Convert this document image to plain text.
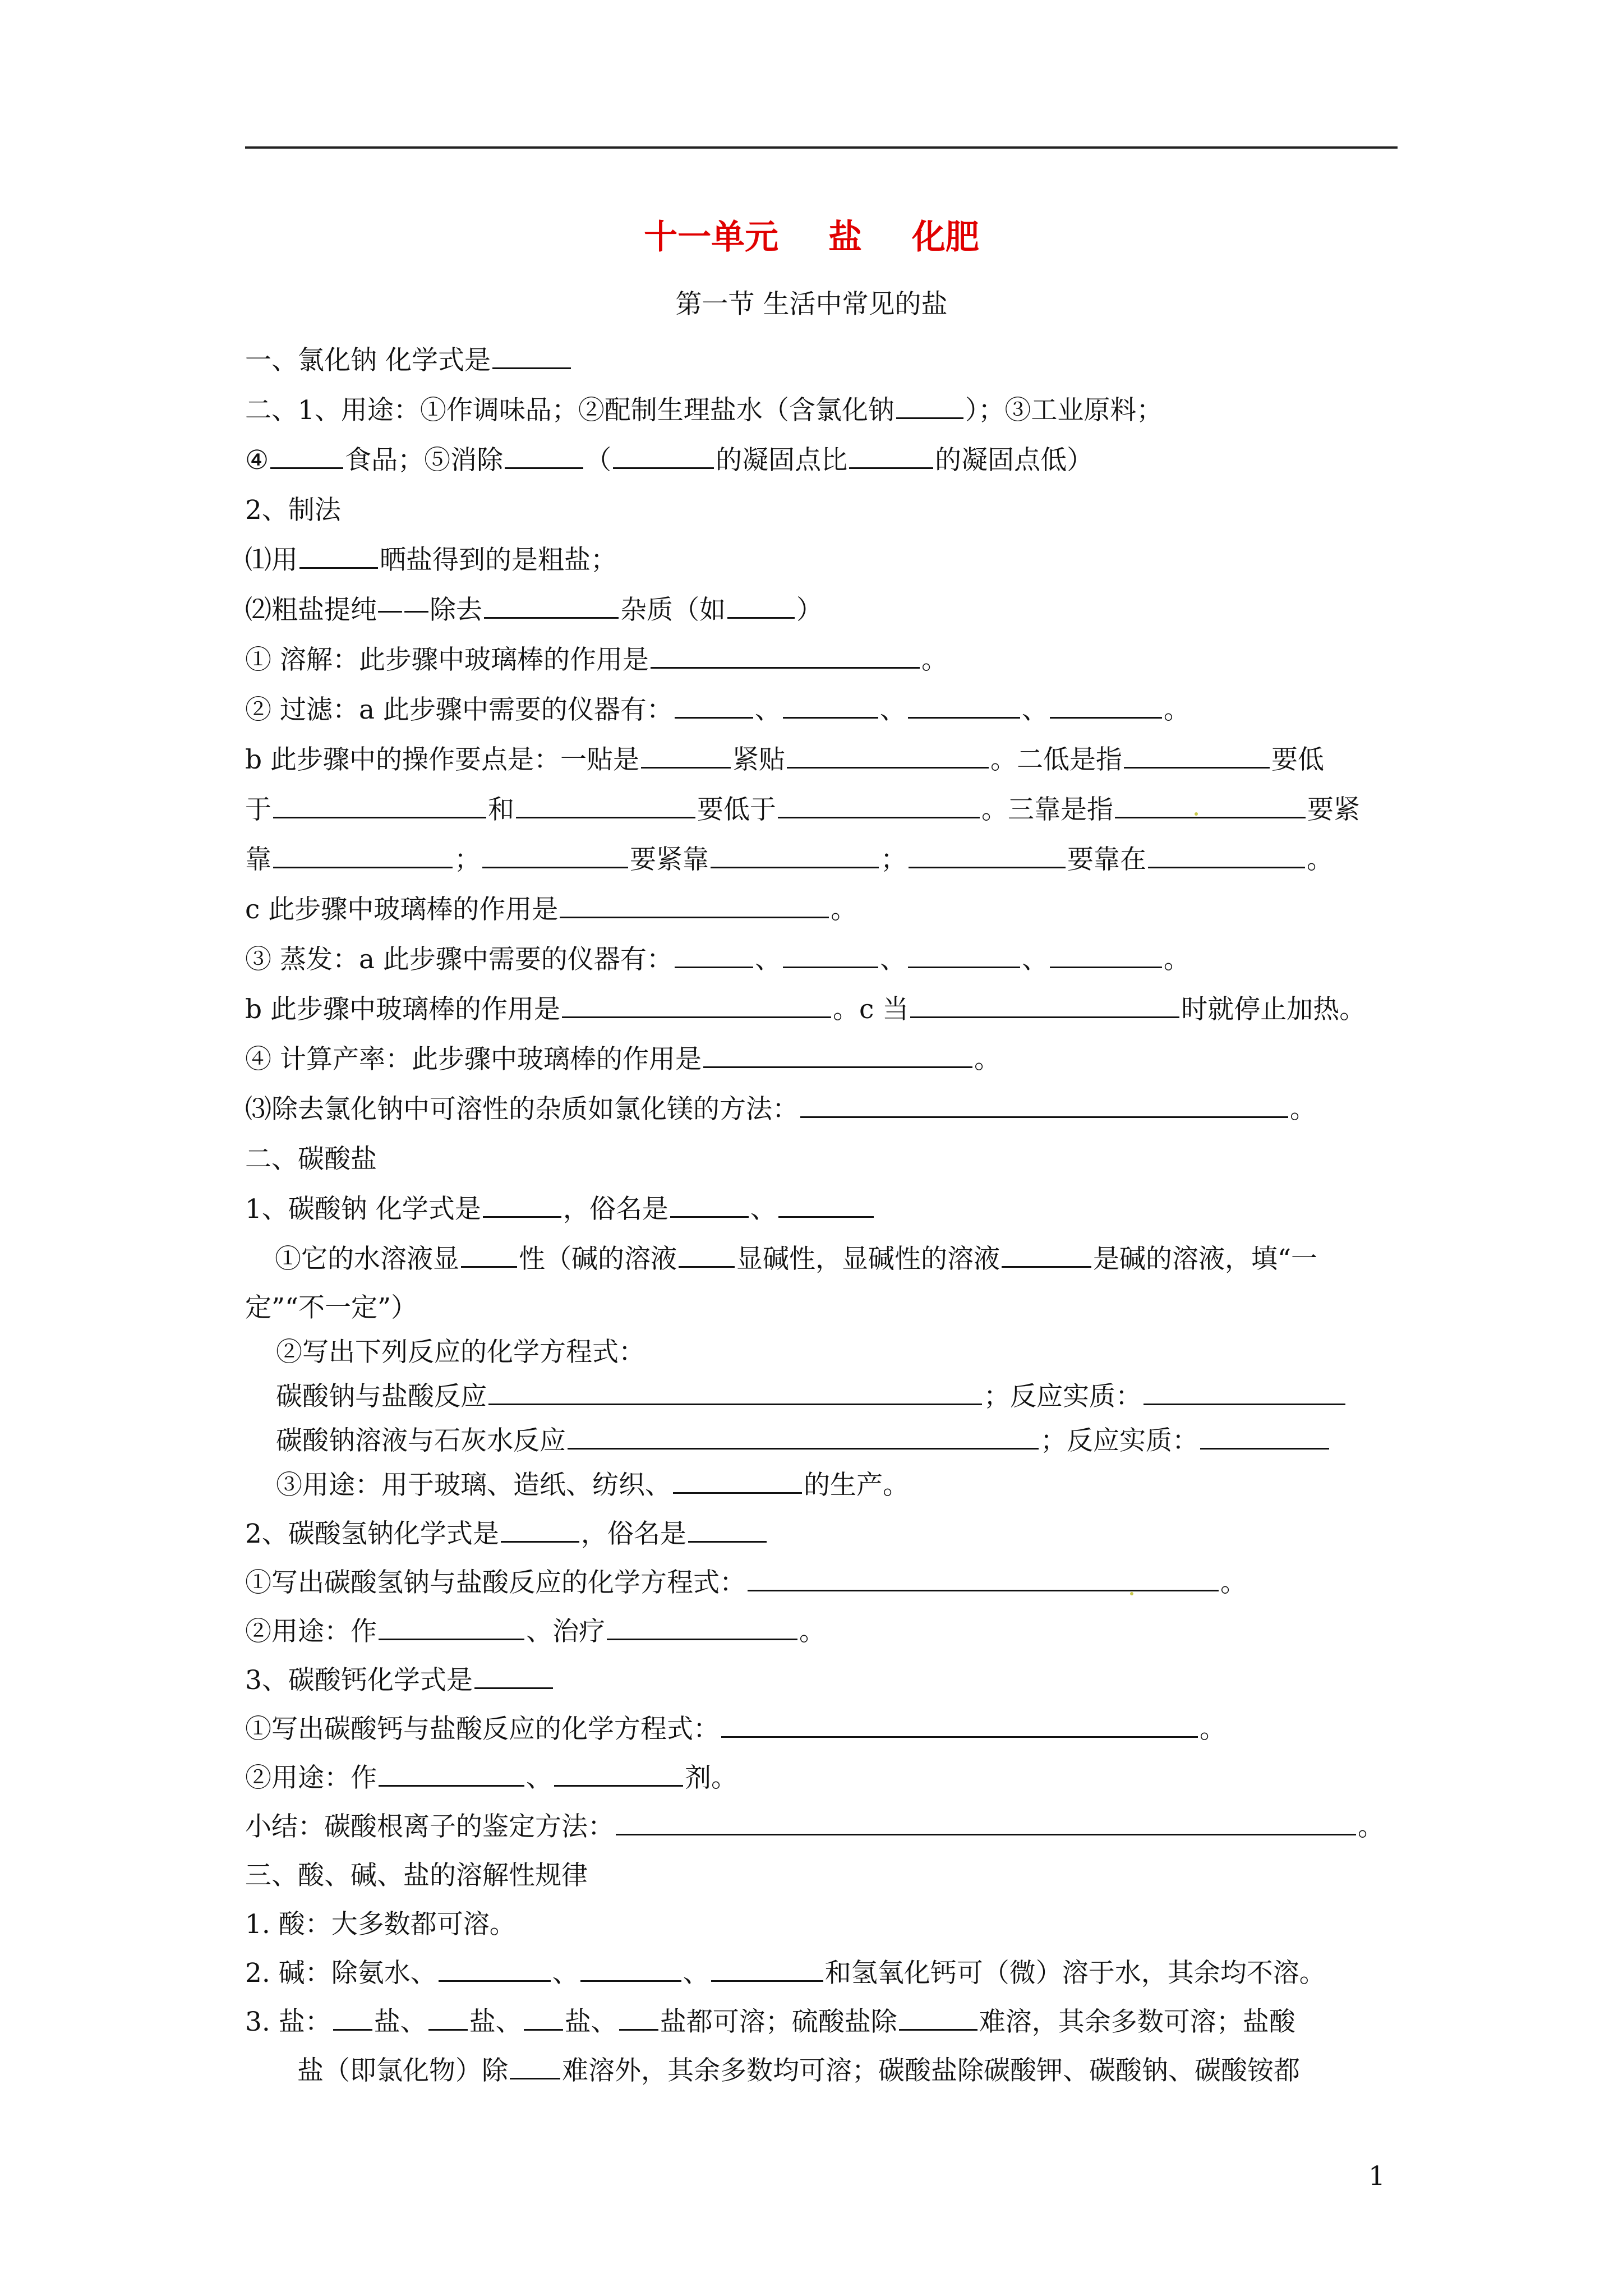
十一单元 盐 化肥
第一节 生活中常见的盐
一、氯化钠 化学式是
二、1、用途：①作调味品；②配制生理盐水（含氯化钠	）；③工业原料；
④	食品；⑤消除	（	的凝固点比	的凝固点低）
2、制法
⑴用	晒盐得到的是粗盐；
⑵粗盐提纯——除去	杂质（如	）
① 溶解：此步骤中玻璃棒的作用是	。
② 过滤：a 此步骤中需要的仪器有：	、	、	、	。
b 此步骤中的操作要点是：一贴是	紧贴	。二低是指	要低
于	和	要低于	。三靠是指	要紧
靠	；	要紧靠	；	要靠在	。
c 此步骤中玻璃棒的作用是	。
③ 蒸发：a 此步骤中需要的仪器有：	、	、	、	。
b 此步骤中玻璃棒的作用是	。c 当	时就停止加热。
④ 计算产率：此步骤中玻璃棒的作用是	。
⑶除去氯化钠中可溶性的杂质如氯化镁的方法：	。
二、碳酸盐
1、碳酸钠 化学式是	，俗名是	、
①它的水溶液显 性（碱的溶液 显碱性，显碱性的溶液	是碱的溶液，填“一
定”“不一定”）
②写出下列反应的化学方程式：
碳酸钠与盐酸反应	；反应实质：
碳酸钠溶液与石灰水反应	；反应实质：
③用途：用于玻璃、造纸、纺织、	的生产。
2、碳酸氢钠化学式是	，俗名是
①写出碳酸氢钠与盐酸反应的化学方程式：	。
②用途：作	、治疗	。
3、碳酸钙化学式是
①写出碳酸钙与盐酸反应的化学方程式：	。
②用途：作	、	剂。
小结：碳酸根离子的鉴定方法：	。
三、酸、碱、盐的溶解性规律
1. 酸：大多数都可溶。
2. 碱：除氨水、	、	、	和氢氧化钙可（微）溶于水，其余均不溶。
3. 盐： 盐、 盐、 盐、 盐都可溶；硫酸盐除	难溶，其余多数可溶；盐酸
盐（即氯化物）除 难溶外，其余多数均可溶；碳酸盐除碳酸钾、碳酸钠、碳酸铵都
1
